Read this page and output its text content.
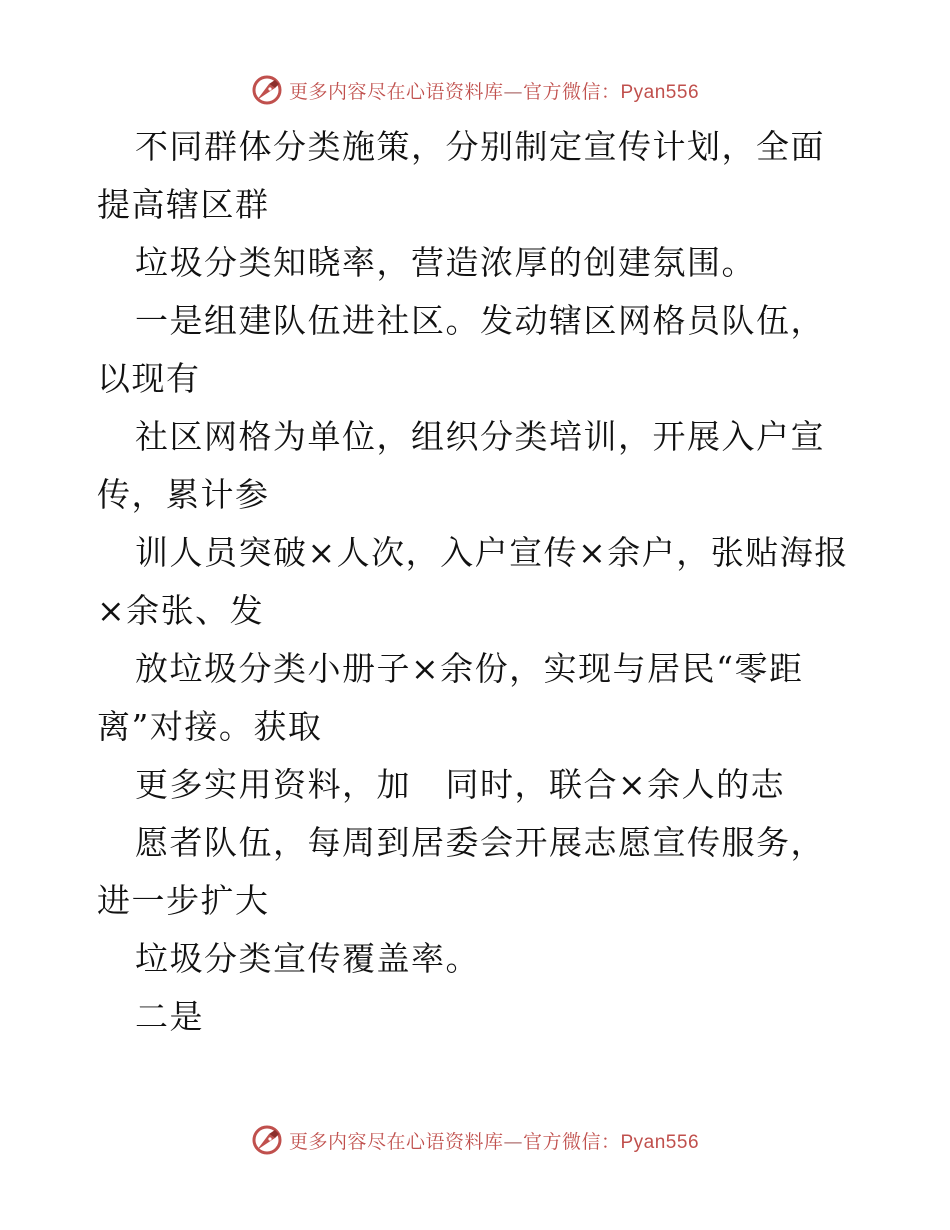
更多内容尽在心语资料库—官方微信：Pyan556

不同群体分类施策，分别制定宣传计划，全面提高辖区群

垃圾分类知晓率，营造浓厚的创建氛围。

一是组建队伍进社区。发动辖区网格员队伍，以现有

社区网格为单位，组织分类培训，开展入户宣传，累计参

训人员突破×人次，入户宣传×余户，张贴海报×余张、发

放垃圾分类小册子×余份，实现与居民“零距离”对接。获取

更多实用资料，加　同时，联合×余人的志

愿者队伍，每周到居委会开展志愿宣传服务，进一步扩大

垃圾分类宣传覆盖率。

二是

更多内容尽在心语资料库—官方微信：Pyan556
